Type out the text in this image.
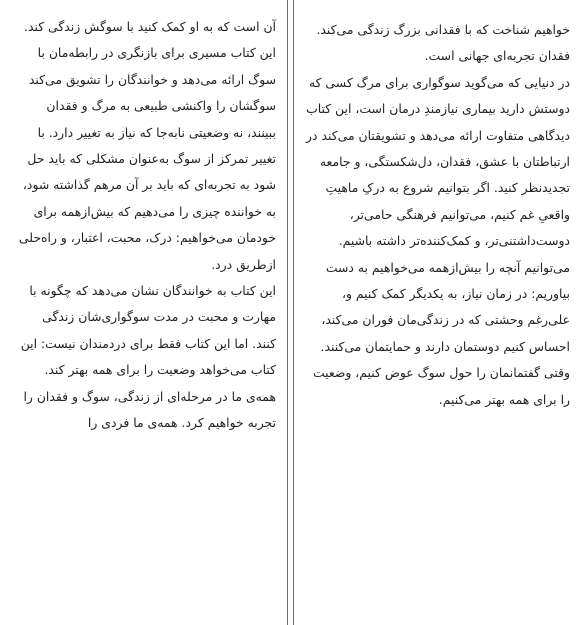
خواهیم شناخت که با فقدانی بزرگ زندگی می‌کند. فقدان تجربه‌ای جهانی است.

در دنیایی که می‌گوید سوگواری برای مرگ کسی که دوستش دارید بیماری نیازمندِ درمان است، این کتاب دیدگاهی متفاوت ارائه می‌دهد و تشویقتان می‌کند در ارتباطتان با عشق، فقدان، دل‌شکستگی، و جامعه تجدیدنظر کنید. اگر بتوانیم شروع به درکِ ماهیتِ واقعیِ غم کنیم، می‌توانیم فرهنگی حامی‌تر، دوست‌داشتنی‌تر، و کمک‌کننده‌تر داشته باشیم. می‌توانیم آنچه را بیش‌ازهمه می‌خواهیم به دست بیاوریم: در زمان نیاز، به یکدیگر کمک کنیم و، علی‌رغم وحشتی که در زندگی‌مان فوران می‌کند، احساس کنیم دوستمان دارند و حمایتمان می‌کنند. وقتی گفتمانمان را حول سوگ عوض کنیم، وضعیت را برای همه بهتر می‌کنیم.

آن است که به او کمک کنید با سوگش زندگی کند.

این کتاب مسیری برای بازنگری در رابطه‌مان با سوگ ارائه می‌دهد و خوانندگان را تشویق می‌کند سوگشان را واکنشی طبیعی به مرگ و فقدان ببینند، نه وضعیتی نابه‌جا که نیاز به تغییر دارد. با تغییر تمرکز از سوگ به‌عنوان مشکلی که باید حل شود به تجربه‌ای که باید بر آن مرهم گذاشته شود، به خواننده چیزی را می‌دهیم که بیش‌ازهمه برای خودمان می‌خواهیم: درک، محبت، اعتبار، و راه‌حلی ازطریق درد.

این کتاب به خوانندگان نشان می‌دهد که چگونه با مهارت و محبت در مدت سوگواری‌شان زندگی کنند. اما این کتاب فقط برای دردمندان نیست: این کتاب می‌خواهد وضعیت را برای همه بهتر کند. همه‌ی ما در مرحله‌ای از زندگی، سوگ و فقدان را تجربه خواهیم کرد. همه‌ی ما فردی را
